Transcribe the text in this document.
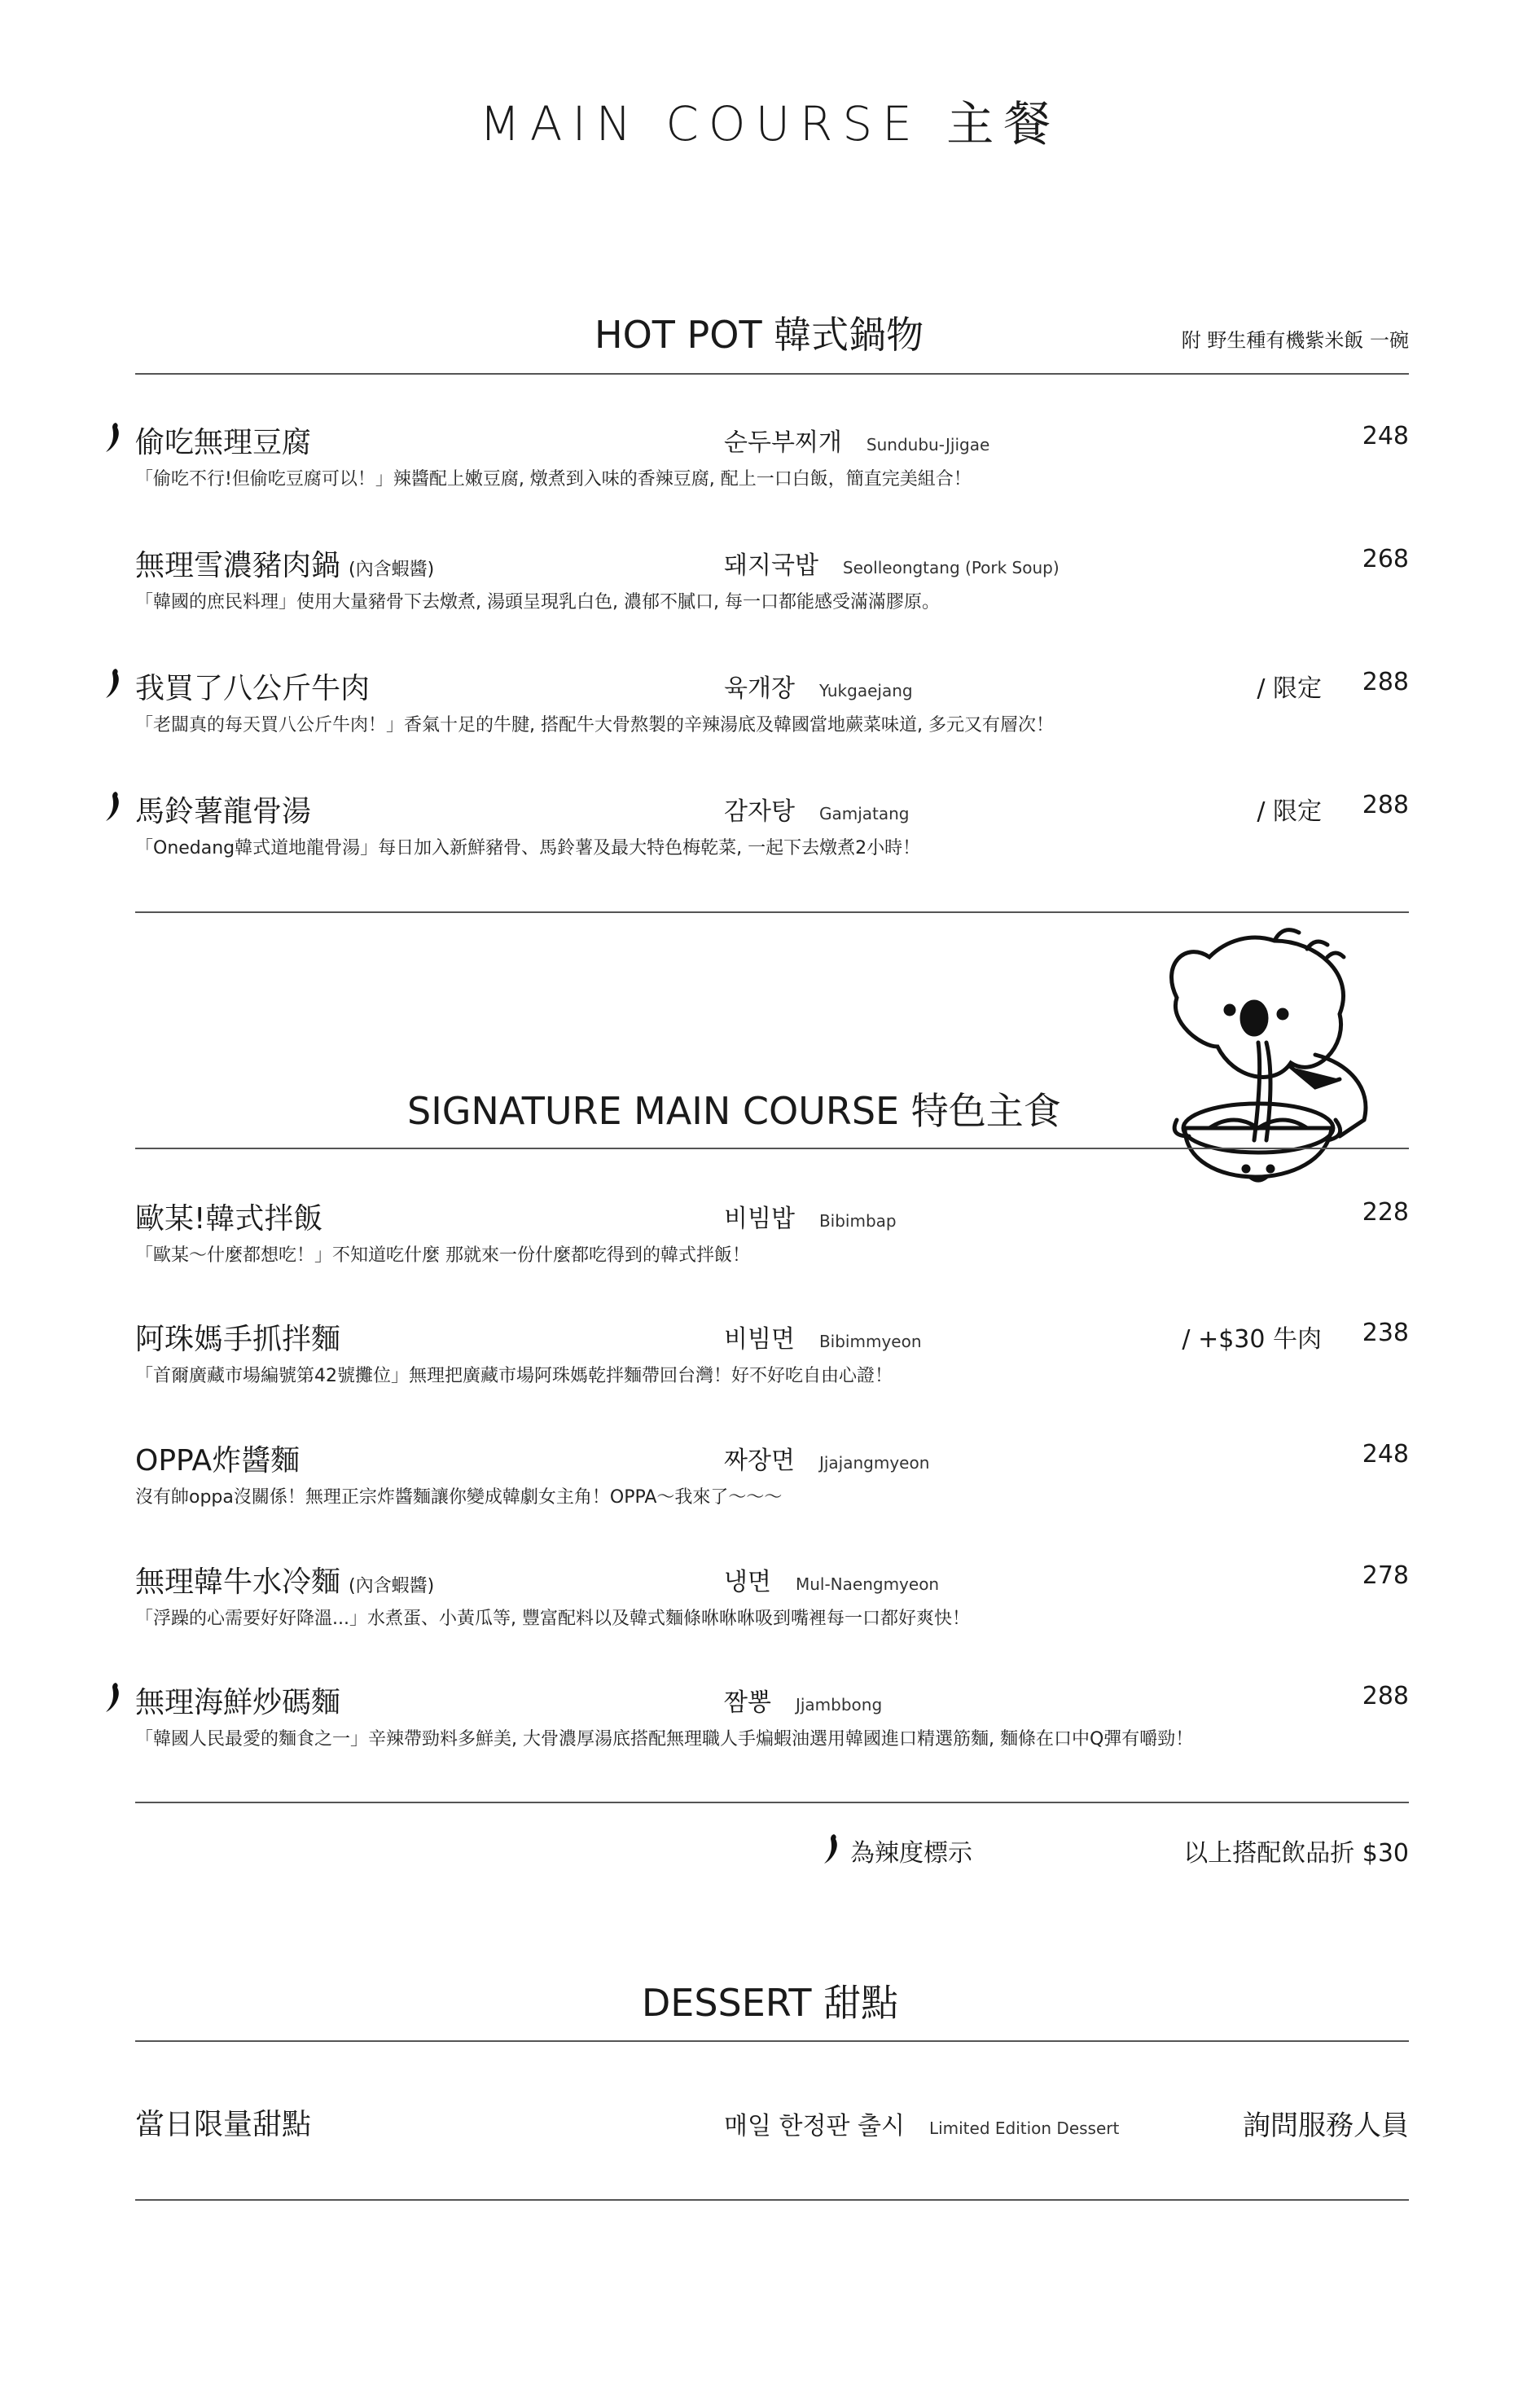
MAIN COURSE 主餐
HOT POT 韓式鍋物	附 野生種有機紫米飯 一碗
偷吃無理豆腐	순두부찌개 Sundubu-Jjigae	248
「偷吃不行!但偷吃豆腐可以！」辣醬配上嫩豆腐, 燉煮到入味的香辣豆腐, 配上一口白飯，簡直完美組合！
無理雪濃豬肉鍋 (內含蝦醬)	돼지국밥 Seolleongtang (Pork Soup)	268
「韓國的庶民料理」使用大量豬骨下去燉煮, 湯頭呈現乳白色, 濃郁不膩口, 每一口都能感受滿滿膠原。
我買了八公斤牛肉	육개장 Yukgaejang	/ 限定 288
「老闆真的每天買八公斤牛肉！」香氣十足的牛腱, 搭配牛大骨熬製的辛辣湯底及韓國當地蕨菜味道, 多元又有層次！
馬鈴薯龍骨湯	감자탕 Gamjatang	/ 限定 288
「Onedang韓式道地龍骨湯」每日加入新鮮豬骨、馬鈴薯及最大特色梅乾菜, 一起下去燉煮2小時！
SIGNATURE MAIN COURSE 特色主食
歐某!韓式拌飯	비빔밥 Bibimbap	228
「歐某～什麼都想吃！」不知道吃什麼 那就來一份什麼都吃得到的韓式拌飯！
阿珠媽手抓拌麵	비빔면 Bibimmyeon	/ +$30 牛肉 238
「首爾廣藏市場編號第42號攤位」無理把廣藏市場阿珠媽乾拌麵帶回台灣！好不好吃自由心證！
OPPA炸醬麵	짜장면 Jjajangmyeon	248
沒有帥oppa沒關係！無理正宗炸醬麵讓你變成韓劇女主角！OPPA～我來了～～～
無理韓牛水冷麵 (內含蝦醬)	냉면 Mul-Naengmyeon	278
「浮躁的心需要好好降溫...」水煮蛋、小黃瓜等, 豐富配料以及韓式麵條咻咻咻吸到嘴裡每一口都好爽快！
無理海鮮炒碼麵	짬뽕 Jjambbong	288
「韓國人民最愛的麵食之一」辛辣帶勁料多鮮美, 大骨濃厚湯底搭配無理職人手煸蝦油選用韓國進口精選筋麵, 麵條在口中Q彈有嚼勁！
為辣度標示	以上搭配飲品折 $30
DESSERT 甜點
當日限量甜點	매일 한정판 출시 Limited Edition Dessert	詢問服務人員
